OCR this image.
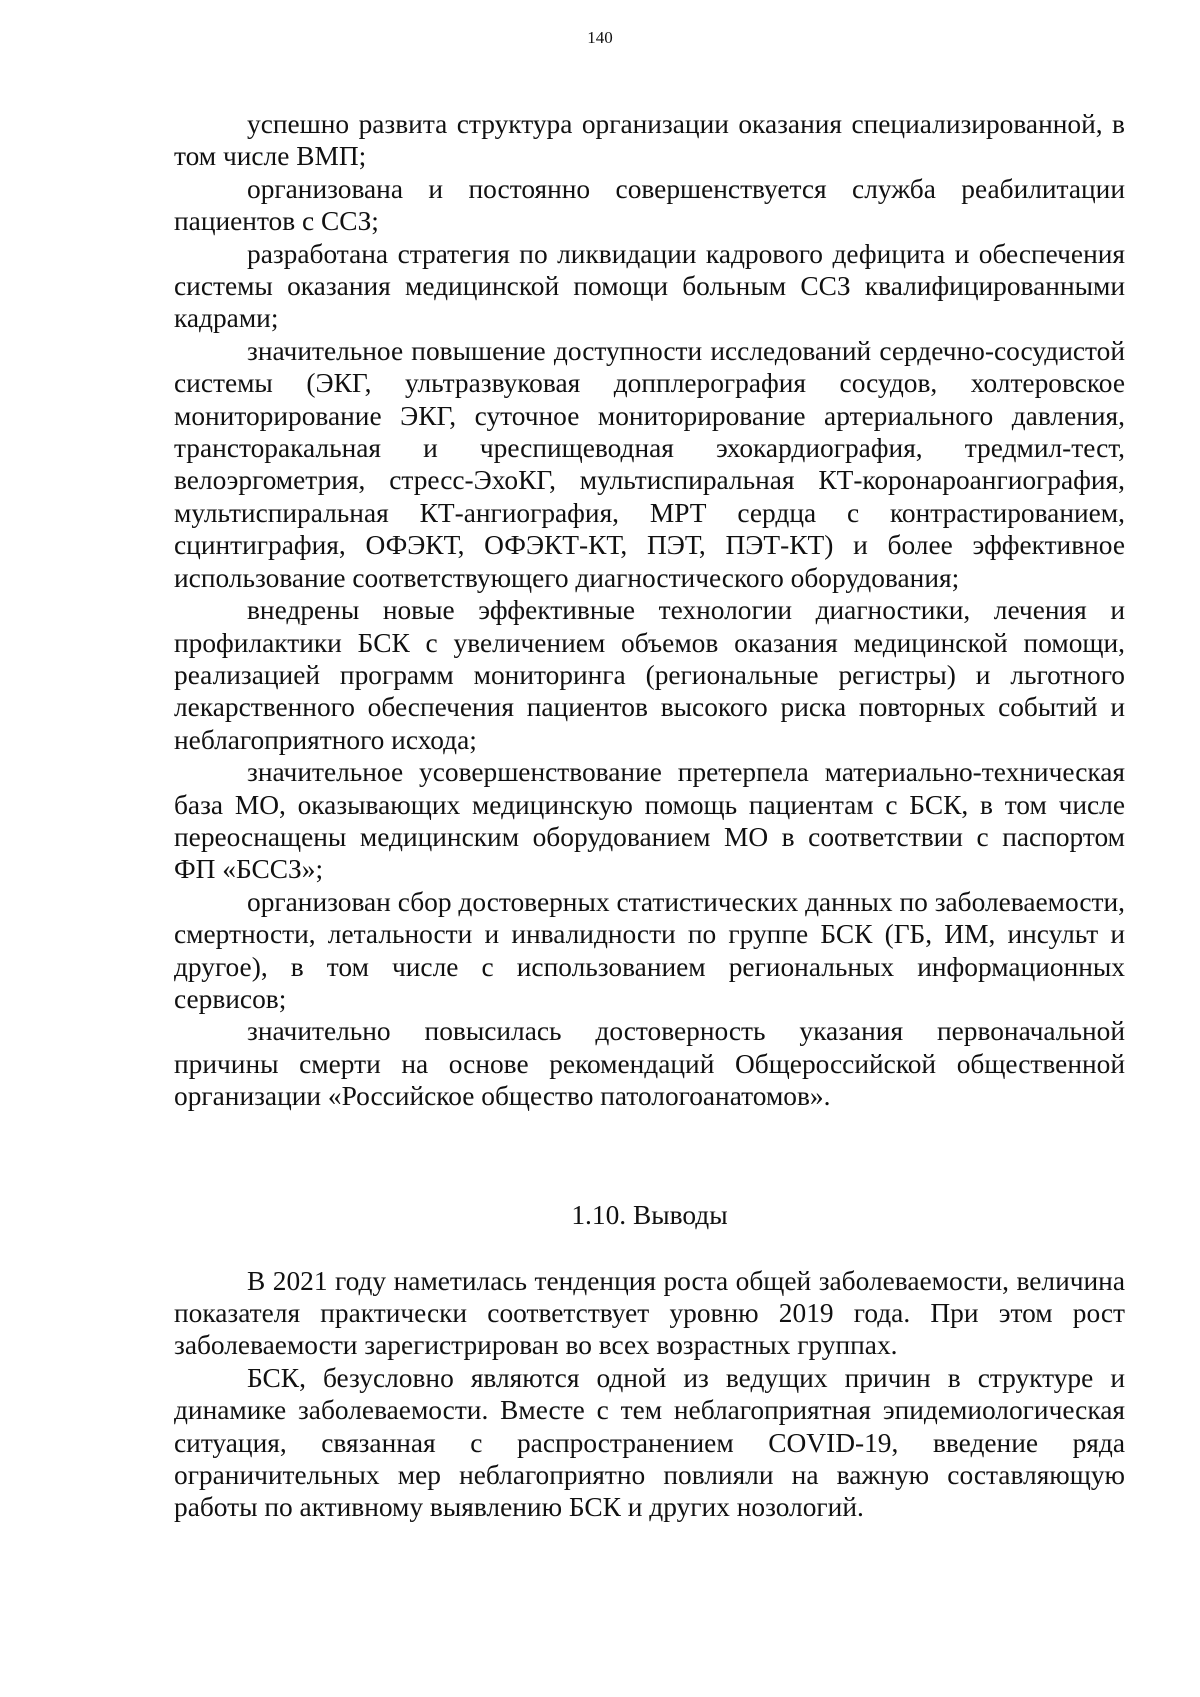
140

успешно развита структура организации оказания специализированной, в том числе ВМП;

организована и постоянно совершенствуется служба реабилитации пациентов с ССЗ;

разработана стратегия по ликвидации кадрового дефицита и обеспечения системы оказания медицинской помощи больным ССЗ квалифицированными кадрами;

значительное повышение доступности исследований сердечно-сосудистой системы (ЭКГ, ультразвуковая допплерография сосудов, холтеровское мониторирование ЭКГ, суточное мониторирование артериального давления, трансторакальная и чреспищеводная эхокардиография, тредмил-тест, велоэргометрия, стресс-ЭхоКГ, мультиспиральная КТ-коронароангиография, мультиспиральная КТ-ангиография, МРТ сердца с контрастированием, сцинтиграфия, ОФЭКТ, ОФЭКТ-КТ, ПЭТ, ПЭТ-КТ) и более эффективное использование соответствующего диагностического оборудования;

внедрены новые эффективные технологии диагностики, лечения и профилактики БСК с увеличением объемов оказания медицинской помощи, реализацией программ мониторинга (региональные регистры) и льготного лекарственного обеспечения пациентов высокого риска повторных событий и неблагоприятного исхода;

значительное усовершенствование претерпела материально-техническая база МО, оказывающих медицинскую помощь пациентам с БСК, в том числе переоснащены медицинским оборудованием МО в соответствии с паспортом ФП «БССЗ»;

организован сбор достоверных статистических данных по заболеваемости, смертности, летальности и инвалидности по группе БСК (ГБ, ИМ, инсульт и другое), в том числе с использованием региональных информационных сервисов;

значительно повысилась достоверность указания первоначальной причины смерти на основе рекомендаций Общероссийской общественной организации «Российское общество патологоанатомов».

1.10. Выводы

В 2021 году наметилась тенденция роста общей заболеваемости, величина показателя практически соответствует уровню 2019 года. При этом рост заболеваемости зарегистрирован во всех возрастных группах.

БСК, безусловно являются одной из ведущих причин в структуре и динамике заболеваемости. Вместе с тем неблагоприятная эпидемиологическая ситуация, связанная с распространением COVID-19, введение ряда ограничительных мер неблагоприятно повлияли на важную составляющую работы по активному выявлению БСК и других нозологий.
